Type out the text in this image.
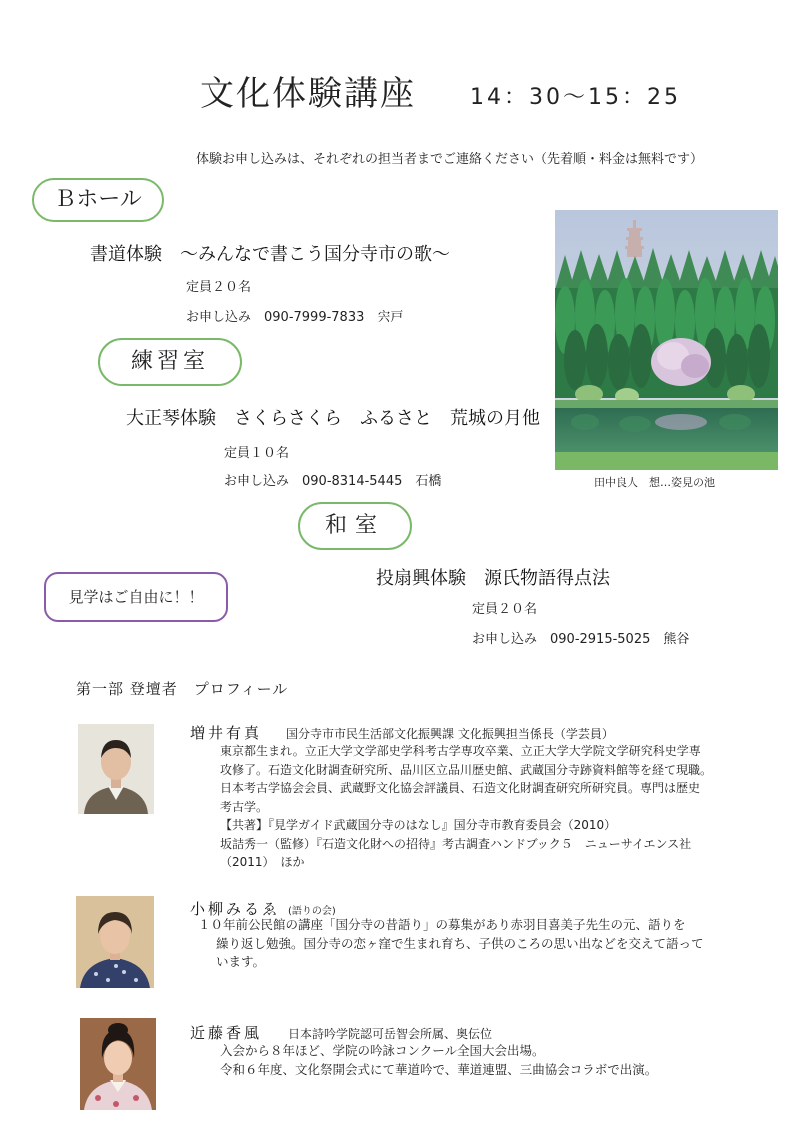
文化体験講座 14：30〜15：25
体験お申し込みは、それぞれの担当者までご連絡ください（先着順・料金は無料です）
Ｂホール
書道体験　〜みんなで書こう国分寺市の歌〜
定員２０名
お申し込み　090-7999-7833　宍戸
練習室
大正琴体験　さくらさくら　ふるさと　荒城の月他
定員１０名
お申し込み　090-8314-5445　石橋
和室
投扇興体験　源氏物語得点法
定員２０名
お申し込み　090-2915-5025　熊谷
見学はご自由に！！
田中良人　想…姿見の池
第一部 登壇者　プロフィール
増井有真 国分寺市市民生活部文化振興課 文化振興担当係長（学芸員）
東京都生まれ。立正大学文学部史学科考古学専攻卒業、立正大学大学院文学研究科史学専
攻修了。石造文化財調査研究所、品川区立品川歴史館、武蔵国分寺跡資料館等を経て現職。
日本考古学協会会員、武蔵野文化協会評議員、石造文化財調査研究所研究員。専門は歴史
考古学。
【共著】『見学ガイド武蔵国分寺のはなし』国分寺市教育委員会（2010）
坂詰秀一（監修）『石造文化財への招待』考古調査ハンドブック５　ニューサイエンス社
（2011）　ほか
小柳みるゑ (語りの会)
１０年前公民館の講座「国分寺の昔語り」の募集があり赤羽目喜美子先生の元、語りを
繰り返し勉強。国分寺の恋ヶ窪で生まれ育ち、子供のころの思い出などを交えて語って
います。
近藤香風 日本詩吟学院認可岳智会所属、奥伝位
入会から８年ほど、学院の吟詠コンクール全国大会出場。
令和６年度、文化祭開会式にて華道吟で、華道連盟、三曲協会コラボで出演。
